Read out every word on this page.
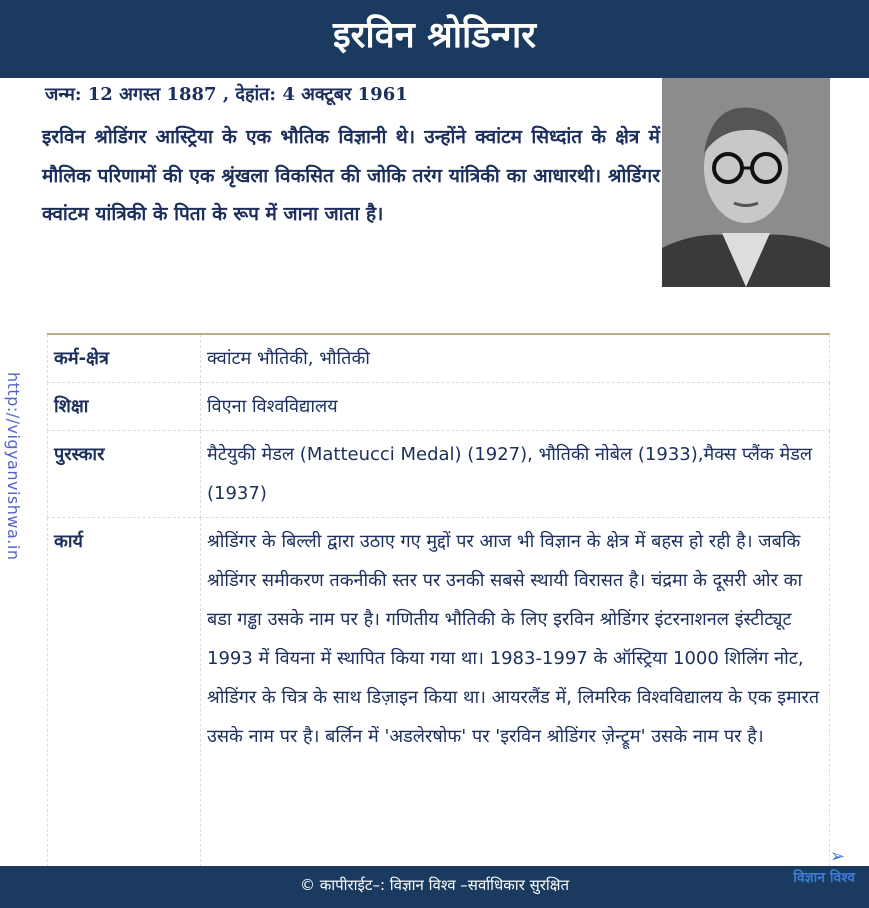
इरविन श्रोडिन्गर
जन्म: 12 अगस्त 1887 , देहांत: 4 अक्टूबर 1961
इरविन श्रोडिंगर आस्ट्रिया के एक भौतिक विज्ञानी थे। उन्होंने क्वांटम सिध्दांत के क्षेत्र में मौलिक परिणामों की एक श्रृंखला विकसित की जोकि तरंग यांत्रिकी का आधारथी। श्रोडिंगर क्वांटम यांत्रिकी के पिता के रूप में जाना जाता है।
http://vigyanvishwa.in
कर्म-क्षेत्र	क्वांटम भौतिकी, भौतिकी
शिक्षा	विएना विश्वविद्यालय
पुरस्कार	मैटेयुकी मेडल (Matteucci Medal) (1927), भौतिकी नोबेल (1933),मैक्स प्लैंक मेडल (1937)
कार्य	श्रोडिंगर के बिल्ली द्वारा उठाए गए मुद्दों पर आज भी विज्ञान के क्षेत्र में बहस हो रही है। जबकि श्रोडिंगर समीकरण तकनीकी स्तर पर उनकी सबसे स्थायी विरासत है। चंद्रमा के दूसरी ओर का बडा गड्ढा उसके नाम पर है। गणितीय भौतिकी के लिए इरविन श्रोडिंगर इंटरनाशनल इंस्टीट्यूट 1993 में वियना में स्थापित किया गया था। 1983-1997 के ऑस्ट्रिया 1000 शिलिंग नोट, श्रोडिंगर के चित्र के साथ डिज़ाइन किया था। आयरलैंड में, लिमरिक विश्वविद्यालय के एक इमारत उसके नाम पर है। बर्लिन में 'अडलेरषोफ' पर 'इरविन श्रोडिंगर ज़ेन्ट्रूम' उसके नाम पर है।
© कापीराईट–: विज्ञान विश्व –सर्वाधिकार सुरक्षित
➢
विज्ञान विश्व
